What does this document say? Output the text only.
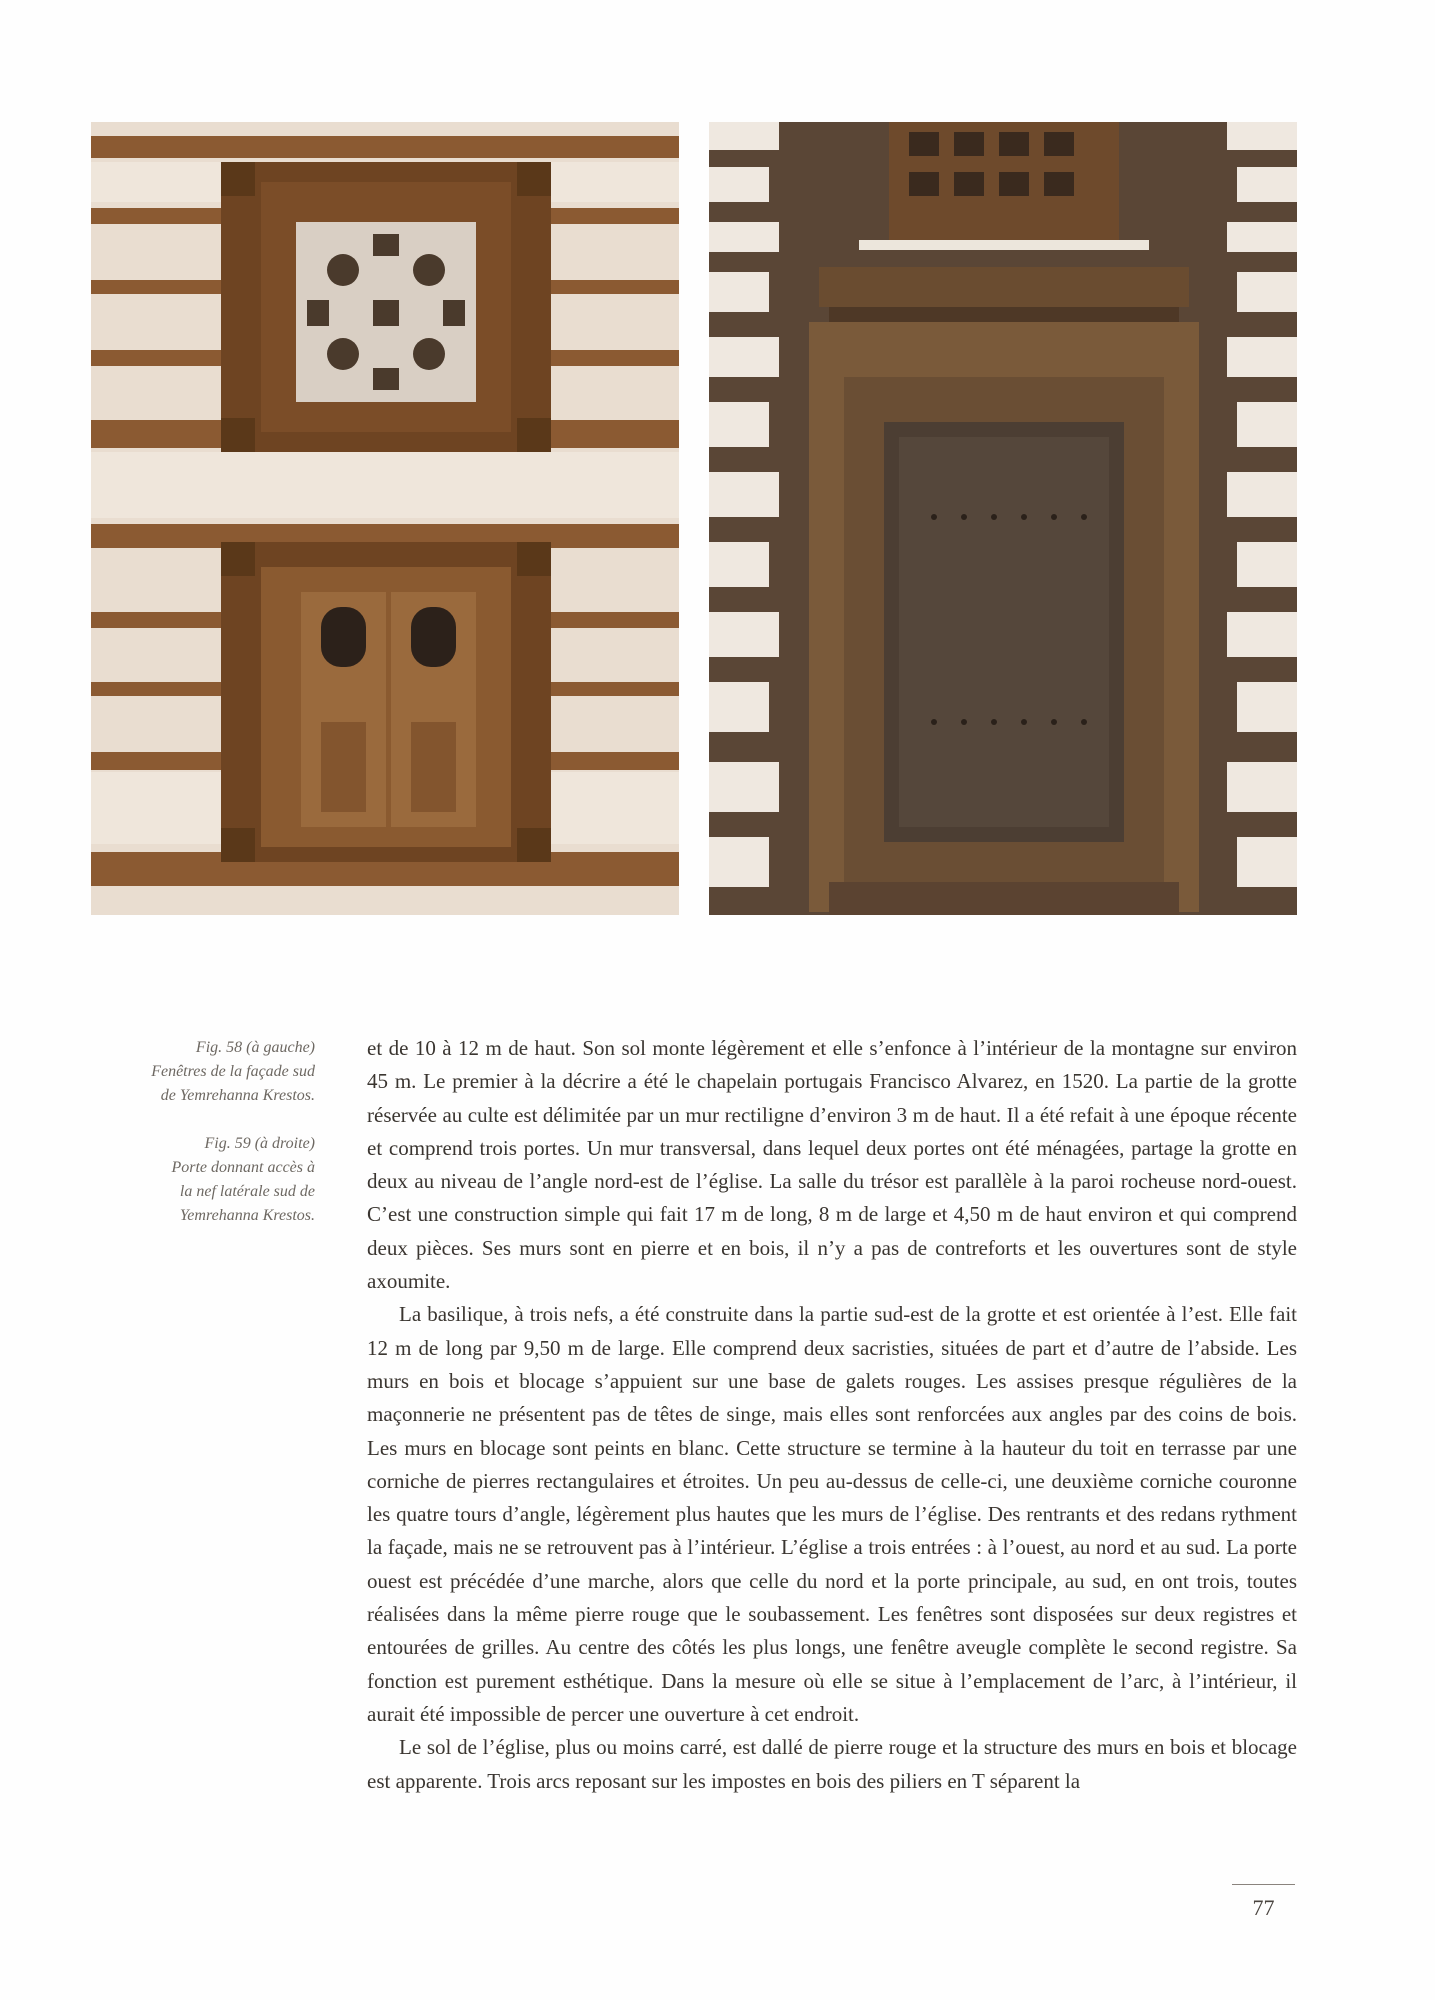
Fig. 58 (à gauche)
Fenêtres de la façade sud
de Yemrehanna Krestos.

Fig. 59 (à droite)
Porte donnant accès à
la nef latérale sud de
Yemrehanna Krestos.

et de 10 à 12 m de haut. Son sol monte légèrement et elle s’enfonce à l’intérieur de la montagne sur environ 45 m. Le premier à la décrire a été le chapelain portugais Francisco Alvarez, en 1520. La partie de la grotte réservée au culte est délimitée par un mur rectiligne d’environ 3 m de haut. Il a été refait à une époque récente et comprend trois portes. Un mur transversal, dans lequel deux portes ont été ménagées, partage la grotte en deux au niveau de l’angle nord-est de l’église. La salle du trésor est parallèle à la paroi rocheuse nord-ouest. C’est une construction simple qui fait 17 m de long, 8 m de large et 4,50 m de haut environ et qui comprend deux pièces. Ses murs sont en pierre et en bois, il n’y a pas de contreforts et les ouvertures sont de style axoumite.

La basilique, à trois nefs, a été construite dans la partie sud-est de la grotte et est orientée à l’est. Elle fait 12 m de long par 9,50 m de large. Elle comprend deux sacristies, situées de part et d’autre de l’abside. Les murs en bois et blocage s’appuient sur une base de galets rouges. Les assises presque régulières de la maçonnerie ne présentent pas de têtes de singe, mais elles sont renforcées aux angles par des coins de bois. Les murs en blocage sont peints en blanc. Cette structure se termine à la hauteur du toit en terrasse par une corniche de pierres rectangulaires et étroites. Un peu au-dessus de celle-ci, une deuxième corniche couronne les quatre tours d’angle, légèrement plus hautes que les murs de l’église. Des rentrants et des redans rythment la façade, mais ne se retrouvent pas à l’intérieur. L’église a trois entrées : à l’ouest, au nord et au sud. La porte ouest est précédée d’une marche, alors que celle du nord et la porte principale, au sud, en ont trois, toutes réalisées dans la même pierre rouge que le soubassement. Les fenêtres sont disposées sur deux registres et entourées de grilles. Au centre des côtés les plus longs, une fenêtre aveugle complète le second registre. Sa fonction est purement esthétique. Dans la mesure où elle se situe à l’emplacement de l’arc, à l’intérieur, il aurait été impossible de percer une ouverture à cet endroit.

Le sol de l’église, plus ou moins carré, est dallé de pierre rouge et la structure des murs en bois et blocage est apparente. Trois arcs reposant sur les impostes en bois des piliers en T séparent la

77
